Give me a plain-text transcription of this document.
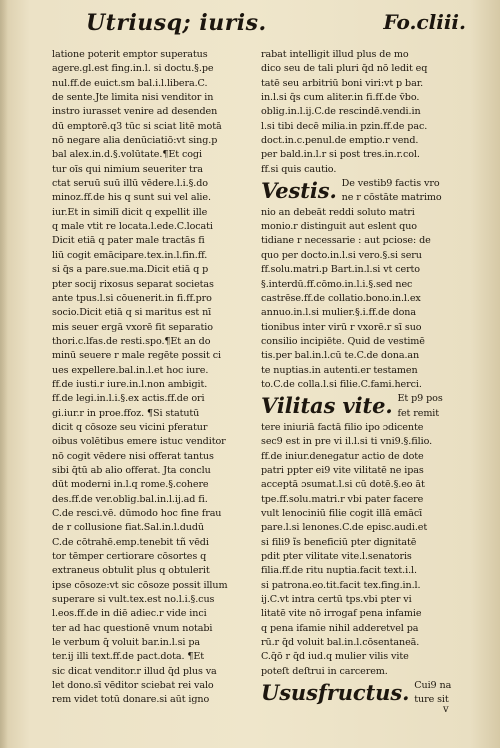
Utriusq; iuris.	Fo.cliii.
latione poterit emptor superatus
agere.gl.est fing.in.l. si doctu.§.pe
nul.ff.de euict.sm bal.i.l.libera.C.
de sente.Jte limita nisi venditor in
instro iurasset venire ad desenden
dū emptorē.q3 tūc si sciat litē motā
nō negare alia denūciatiō:vt sing.p
bal alex.in.d.§.volūtate.¶Et cogi
tur oīs qui nimium seueriter tra
ctat seruū suū illū vēdere.l.i.§.do
minoz.ff.de his q sunt sui vel alie.
iur.Et in similī dicit q expellit ille
q male vtit re locata.l.ede.C.locati
Dicit etiā q pater male tractās fi
liū cogit emācipare.tex.in.l.fin.ff.
si q̃s a pare.sue.ma.Dicit etiā q p
pter socij rixosus separat societas
ante tpus.l.si cōuenerit.in fi.ff.pro
socio.Dicit etiā q si maritus est nī
mis seuer ergā vxorē fit separatio
thori.c.lfas.de resti.spo.¶Et an do
minū seuere r male regēte possit ci
ues expellere.bal.in.l.et hoc iure.
ff.de iusti.r iure.in.l.non ambigit.
ff.de legi.in.l.i.§.ex actis.ff.de ori
gi.iur.r in proe.ffoz. ¶Si statutū
dicit q cōsoze seu vicini pferatur
oibus volētibus emere istuc venditor
nō cogit vēdere nisi offerat tantus
sibi q̄tū ab alio offerat. Jta conclu
dūt moderni in.l.q rome.§.cohere
des.ff.de ver.oblig.bal.in.l.ij.ad fi.
C.de resci.vē. dūmodo hoc fine frau
de r collusione fiat.Sal.in.l.dudū
C.de cōtrahē.emp.tenebit tñ vēdi
tor tēmper certiorare cōsortes q
extraneus obtulit plus q obtulerit
ipse cōsoze:vt sic cōsoze possit illum
superare si vult.tex.est no.l.i.§.cus
l.eos.ff.de in diē adiec.r vide inci
ter ad hac questionē vnum notabi
le verbum q̄ voluit bar.in.l.si pa
ter.ij illi text.ff.de pact.dota. ¶Et
sic dicat venditor.r illud q̄d plus va
let dono.sī vēditor sciebat rei valo
rem videt totū donare.si aūt igno
rabat intelligit illud plus de mo
dico seu de tali pluri q̄d nō ledit eq
tatē seu arbitriū boni viri:vt p bar.
in.l.si q̄s cum aliter.in fi.ff.de v̄bo.
oblig.in.l.ij.C.de rescindē.vendi.in
l.si tibi decē milia.in pzin.ff.de pac.
doct.in.c.penul.de emptio.r vend.
per bald.in.l.r si post tres.in.r.col.
ff.si quis cautio.
Vestis. De vestib9 factis vro
ne r cōstāte matrimo
nio an debeāt reddi soluto matri
monio.r distinguit aut eslent quo
tidiane r necessarie : aut pciose: de
quo per docto.in.l.si vero.§.si seru
ff.solu.matri.p Bart.in.l.si vt certo
§.interdū.ff.cōmo.in.l.i.§.sed nec
castrēse.ff.de collatio.bono.in.l.ex
annuo.in.l.si mulier.§.i.ff.de dona
tionibus inter virū r vxorē.r sī suo
consilio incipiēte. Quid de vestimē
tis.per bal.in.l.cū te.C.de dona.an
te nuptias.in autenti.er testamen
to.C.de colla.l.si filie.C.fami.herci.
Vilitas vite. Et p9 pos
fet remit
tere iniuriā factā filio ipo ɔdicente
sec9 est in pre vi il.l.si ti vni9.§.filio.
ff.de iniur.denegatur actio de dote
patri ppter ei9 vite vilitatē ne ipas
acceptā ɔsumat.l.si cū dotē.§.eo āt
tpe.ff.solu.matri.r vbi pater facere
vult lenociniū filie cogit illā emācī
pare.l.si lenones.C.de episc.audi.et
si fili9 ĩs beneficiū pter dignitatē
pdit pter vilitate vite.l.senatoris
filia.ff.de ritu nuptia.facit text.i.l.
si patrona.eo.tit.facit tex.fing.in.l.
ij.C.vt intra certū tps.vbi pter vi
litatē vite nō irrogaf pena infamie
q pena ifamie nihil adderetvel pa
rū.r q̄d voluit bal.in.l.cōsentaneā.
C.q̄ō r q̄d iud.q mulier vilis vite
poteſt deſtrui in carcerem.
Ususfructus. Cui9 na
ture sit
v
